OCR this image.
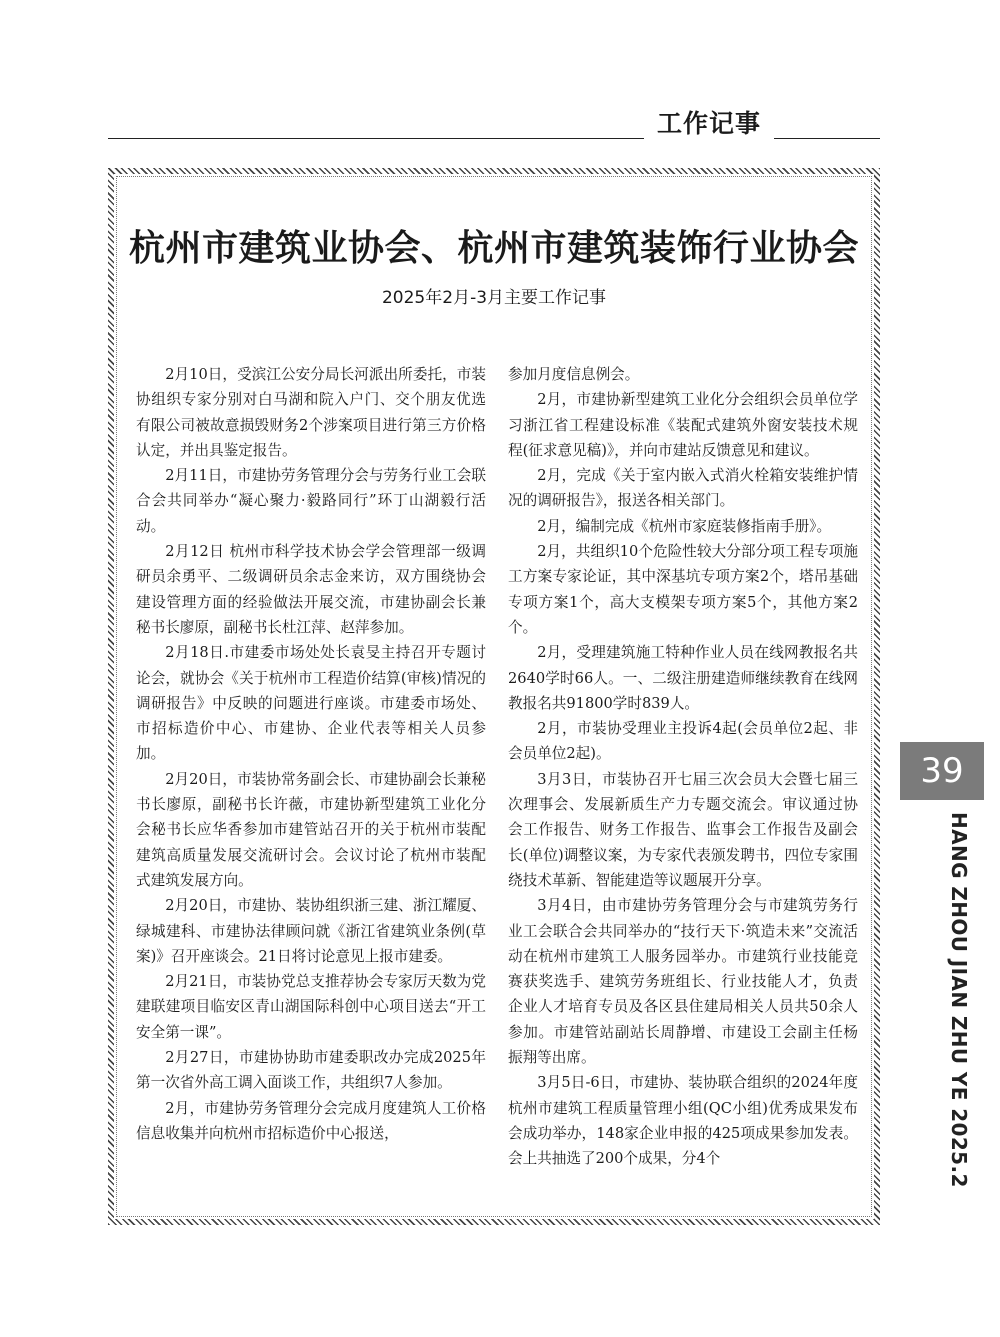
工作记事
杭州市建筑业协会、杭州市建筑装饰行业协会
2025年2月-3月主要工作记事

2月10日，受滨江公安分局长河派出所委托，市装协组织专家分别对白马湖和院入户门、交个朋友优选有限公司被故意损毁财务2个涉案项目进行第三方价格认定，并出具鉴定报告。

2月11日，市建协劳务管理分会与劳务行业工会联合会共同举办“凝心聚力·毅路同行”环丁山湖毅行活动。

2月12日 杭州市科学技术协会学会管理部一级调研员余勇平、二级调研员余志金来访，双方围绕协会建设管理方面的经验做法开展交流，市建协副会长兼秘书长廖原，副秘书长杜江萍、赵萍参加。

2月18日.市建委市场处处长袁旻主持召开专题讨论会，就协会《关于杭州市工程造价结算(审核)情况的调研报告》中反映的问题进行座谈。市建委市场处、市招标造价中心、市建协、企业代表等相关人员参加。

2月20日，市装协常务副会长、市建协副会长兼秘书长廖原，副秘书长许薇，市建协新型建筑工业化分会秘书长应华香参加市建管站召开的关于杭州市装配建筑高质量发展交流研讨会。会议讨论了杭州市装配式建筑发展方向。

2月20日，市建协、装协组织浙三建、浙江耀厦、绿城建科、市建协法律顾问就《浙江省建筑业条例(草案)》召开座谈会。21日将讨论意见上报市建委。

2月21日，市装协党总支推荐协会专家厉天数为党建联建项目临安区青山湖国际科创中心项目送去“开工安全第一课”。

2月27日，市建协协助市建委职改办完成2025年第一次省外高工调入面谈工作，共组织7人参加。

2月，市建协劳务管理分会完成月度建筑人工价格信息收集并向杭州市招标造价中心报送，

参加月度信息例会。

2月，市建协新型建筑工业化分会组织会员单位学习浙江省工程建设标准《装配式建筑外窗安装技术规程(征求意见稿)》，并向市建站反馈意见和建议。

2月，完成《关于室内嵌入式消火栓箱安装维护情况的调研报告》，报送各相关部门。

2月，编制完成《杭州市家庭装修指南手册》。

2月，共组织10个危险性较大分部分项工程专项施工方案专家论证，其中深基坑专项方案2个，塔吊基础专项方案1个，高大支模架专项方案5个，其他方案2个。

2月，受理建筑施工特种作业人员在线网教报名共2640学时66人。一、二级注册建造师继续教育在线网教报名共91800学时839人。

2月，市装协受理业主投诉4起(会员单位2起、非会员单位2起)。

3月3日，市装协召开七届三次会员大会暨七届三次理事会、发展新质生产力专题交流会。审议通过协会工作报告、财务工作报告、监事会工作报告及副会长(单位)调整议案，为专家代表颁发聘书，四位专家围绕技术革新、智能建造等议题展开分享。

3月4日，由市建协劳务管理分会与市建筑劳务行业工会联合会共同举办的“技行天下·筑造未来”交流活动在杭州市建筑工人服务园举办。市建筑行业技能竞赛获奖选手、建筑劳务班组长、行业技能人才，负责企业人才培育专员及各区县住建局相关人员共50余人参加。市建管站副站长周静增、市建设工会副主任杨振翔等出席。

3月5日-6日，市建协、装协联合组织的2024年度杭州市建筑工程质量管理小组(QC小组)优秀成果发布会成功举办，148家企业申报的425项成果参加发表。会上共抽选了200个成果，分4个

39
HANG ZHOU JIAN ZHU YE 2025.2
